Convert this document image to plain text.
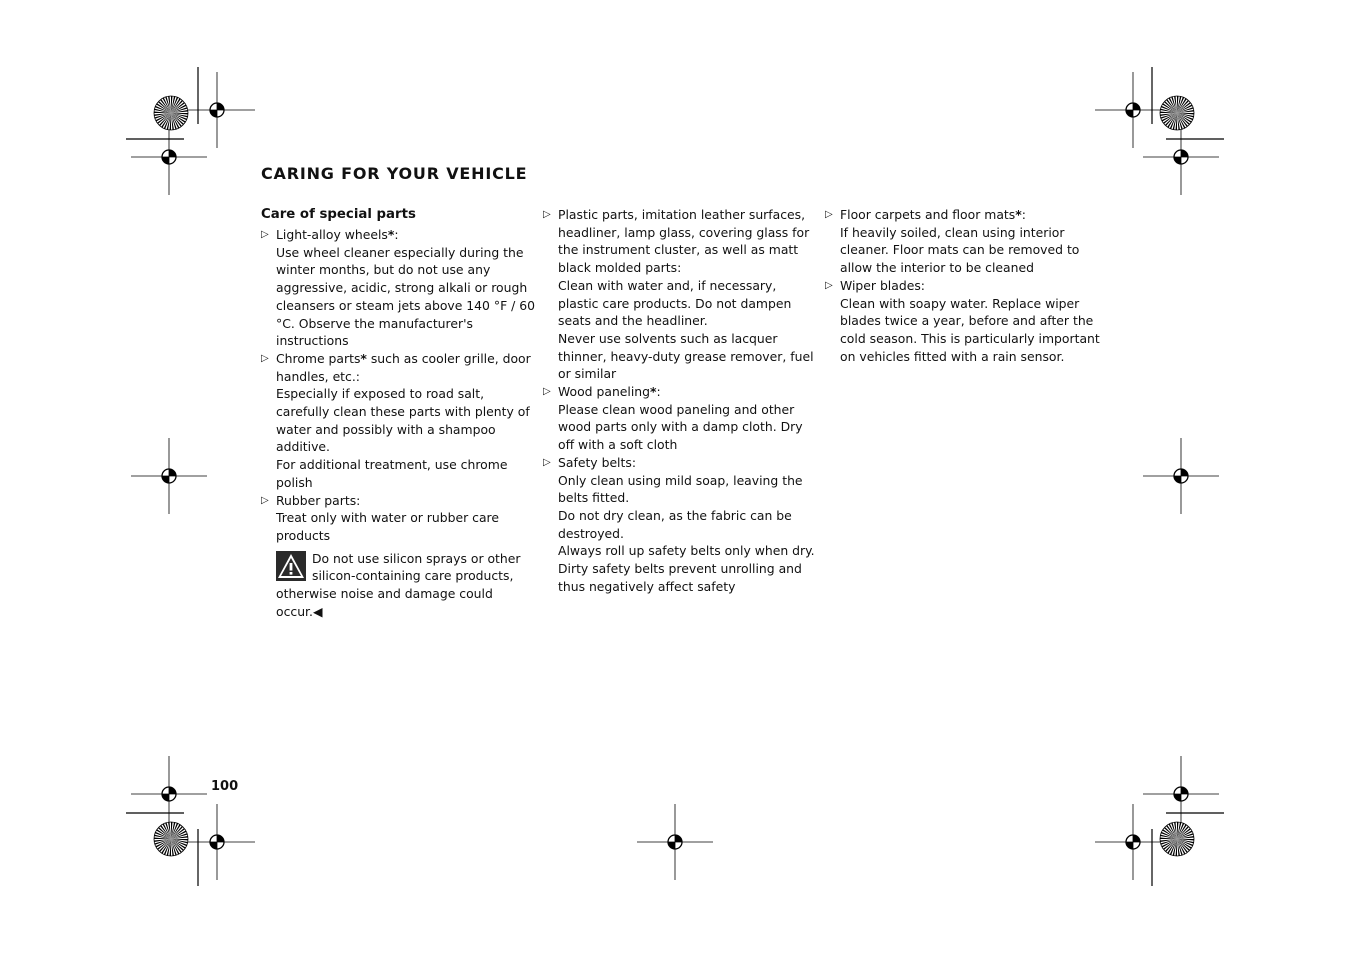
CARING FOR YOUR VEHICLE
Care of special parts
▷ Light-alloy wheels*:

Use wheel cleaner especially during the winter months, but do not use any aggressive, acidic, strong alkali or rough cleansers or steam jets above 140 °F / 60 °C. Observe the manufacturer's instructions

▷ Chrome parts* such as cooler grille, door handles, etc.:

Especially if exposed to road salt, carefully clean these parts with plenty of water and possibly with a shampoo additive.

For additional treatment, use chrome polish

▷ Rubber parts:

Treat only with water or rubber care products

Do not use silicon sprays or other silicon-containing care products, otherwise noise and damage could occur.◀

▷ Plastic parts, imitation leather surfaces, headliner, lamp glass, covering glass for the instrument cluster, as well as matt black molded parts:

Clean with water and, if necessary, plastic care products. Do not dampen seats and the headliner.

Never use solvents such as lacquer thinner, heavy-duty grease remover, fuel or similar

▷ Wood paneling*:

Please clean wood paneling and other wood parts only with a damp cloth. Dry off with a soft cloth

▷ Safety belts:

Only clean using mild soap, leaving the belts fitted.

Do not dry clean, as the fabric can be destroyed.

Always roll up safety belts only when dry. Dirty safety belts prevent unrolling and thus negatively affect safety

▷ Floor carpets and floor mats*:

If heavily soiled, clean using interior cleaner. Floor mats can be removed to allow the interior to be cleaned

▷ Wiper blades:

Clean with soapy water. Replace wiper blades twice a year, before and after the cold season. This is particularly important on vehicles fitted with a rain sensor.

100
